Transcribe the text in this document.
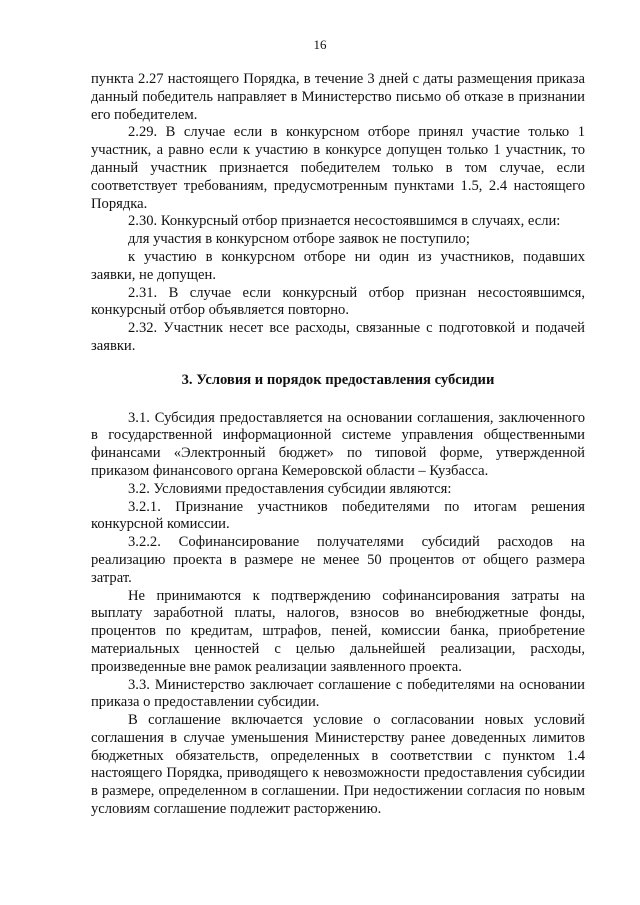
16

пункта 2.27 настоящего Порядка, в течение 3 дней с даты размещения приказа данный победитель направляет в Министерство письмо об отказе в признании его победителем.

2.29. В случае если в конкурсном отборе принял участие только 1 участник, а равно если к участию в конкурсе допущен только 1 участник, то данный участник признается победителем только в том случае, если соответствует требованиям, предусмотренным пунктами 1.5, 2.4 настоящего Порядка.

2.30. Конкурсный отбор признается несостоявшимся в случаях, если:

для участия в конкурсном отборе заявок не поступило;

к участию в конкурсном отборе ни один из участников, подавших заявки, не допущен.

2.31. В случае если конкурсный отбор признан несостоявшимся, конкурсный отбор объявляется повторно.

2.32. Участник несет все расходы, связанные с подготовкой и подачей заявки.

3. Условия и порядок предоставления субсидии

3.1. Субсидия предоставляется на основании соглашения, заключенного в государственной информационной системе управления общественными финансами «Электронный бюджет» по типовой форме, утвержденной приказом финансового органа Кемеровской области – Кузбасса.

3.2. Условиями предоставления субсидии являются:

3.2.1. Признание участников победителями по итогам решения конкурсной комиссии.

3.2.2. Софинансирование получателями субсидий расходов на реализацию проекта в размере не менее 50 процентов от общего размера затрат.

Не принимаются к подтверждению софинансирования затраты на выплату заработной платы, налогов, взносов во внебюджетные фонды, процентов по кредитам, штрафов, пеней, комиссии банка, приобретение материальных ценностей с целью дальнейшей реализации, расходы, произведенные вне рамок реализации заявленного проекта.

3.3. Министерство заключает соглашение с победителями на основании приказа о предоставлении субсидии.

В соглашение включается условие о согласовании новых условий соглашения в случае уменьшения Министерству ранее доведенных лимитов бюджетных обязательств, определенных в соответствии с пунктом 1.4 настоящего Порядка, приводящего к невозможности предоставления субсидии в размере, определенном в соглашении. При недостижении согласия по новым условиям соглашение подлежит расторжению.
